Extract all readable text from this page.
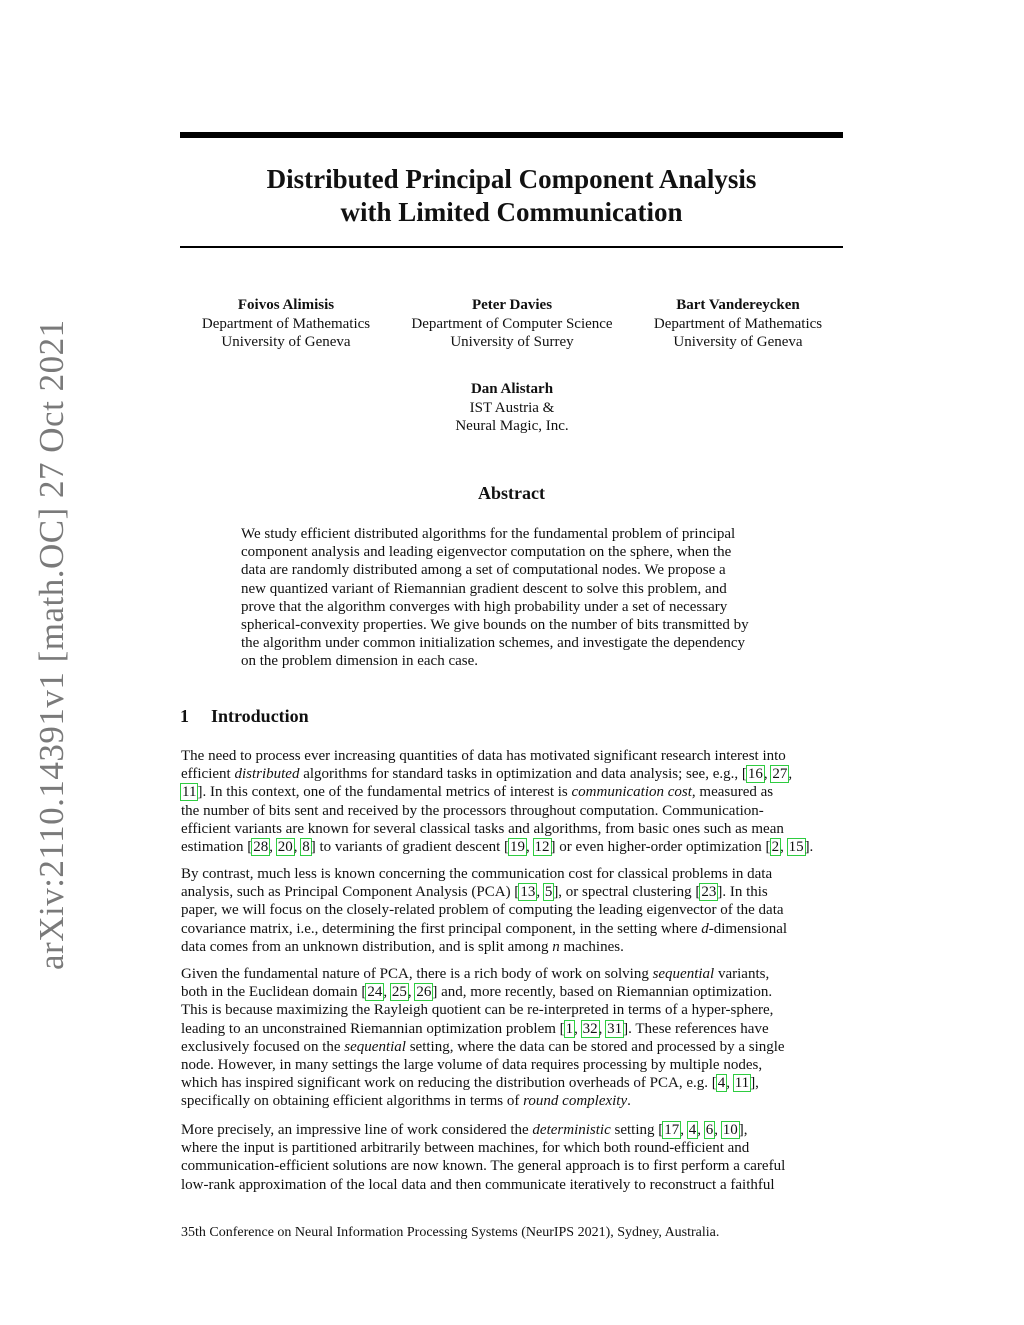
arXiv:2110.14391v1 [math.OC] 27 Oct 2021
Distributed Principal Component Analysis
with Limited Communication
Foivos Alimisis
Department of Mathematics
University of Geneva
Peter Davies
Department of Computer Science
University of Surrey
Bart Vandereycken
Department of Mathematics
University of Geneva
Dan Alistarh
IST Austria &
Neural Magic, Inc.
Abstract
We study efficient distributed algorithms for the fundamental problem of principal
component analysis and leading eigenvector computation on the sphere, when the
data are randomly distributed among a set of computational nodes. We propose a
new quantized variant of Riemannian gradient descent to solve this problem, and
prove that the algorithm converges with high probability under a set of necessary
spherical-convexity properties. We give bounds on the number of bits transmitted by
the algorithm under common initialization schemes, and investigate the dependency
on the problem dimension in each case.
1 Introduction
The need to process ever increasing quantities of data has motivated significant research interest into
efficient distributed algorithms for standard tasks in optimization and data analysis; see, e.g., [16, 27,
11]. In this context, one of the fundamental metrics of interest is communication cost, measured as
the number of bits sent and received by the processors throughout computation. Communication-
efficient variants are known for several classical tasks and algorithms, from basic ones such as mean
estimation [28, 20, 8] to variants of gradient descent [19, 12] or even higher-order optimization [2, 15].
By contrast, much less is known concerning the communication cost for classical problems in data
analysis, such as Principal Component Analysis (PCA) [13, 5], or spectral clustering [23]. In this
paper, we will focus on the closely-related problem of computing the leading eigenvector of the data
covariance matrix, i.e., determining the first principal component, in the setting where d-dimensional
data comes from an unknown distribution, and is split among n machines.
Given the fundamental nature of PCA, there is a rich body of work on solving sequential variants,
both in the Euclidean domain [24, 25, 26] and, more recently, based on Riemannian optimization.
This is because maximizing the Rayleigh quotient can be re-interpreted in terms of a hyper-sphere,
leading to an unconstrained Riemannian optimization problem [1, 32, 31]. These references have
exclusively focused on the sequential setting, where the data can be stored and processed by a single
node. However, in many settings the large volume of data requires processing by multiple nodes,
which has inspired significant work on reducing the distribution overheads of PCA, e.g. [4, 11],
specifically on obtaining efficient algorithms in terms of round complexity.
More precisely, an impressive line of work considered the deterministic setting [17, 4, 6, 10],
where the input is partitioned arbitrarily between machines, for which both round-efficient and
communication-efficient solutions are now known. The general approach is to first perform a careful
low-rank approximation of the local data and then communicate iteratively to reconstruct a faithful
35th Conference on Neural Information Processing Systems (NeurIPS 2021), Sydney, Australia.
